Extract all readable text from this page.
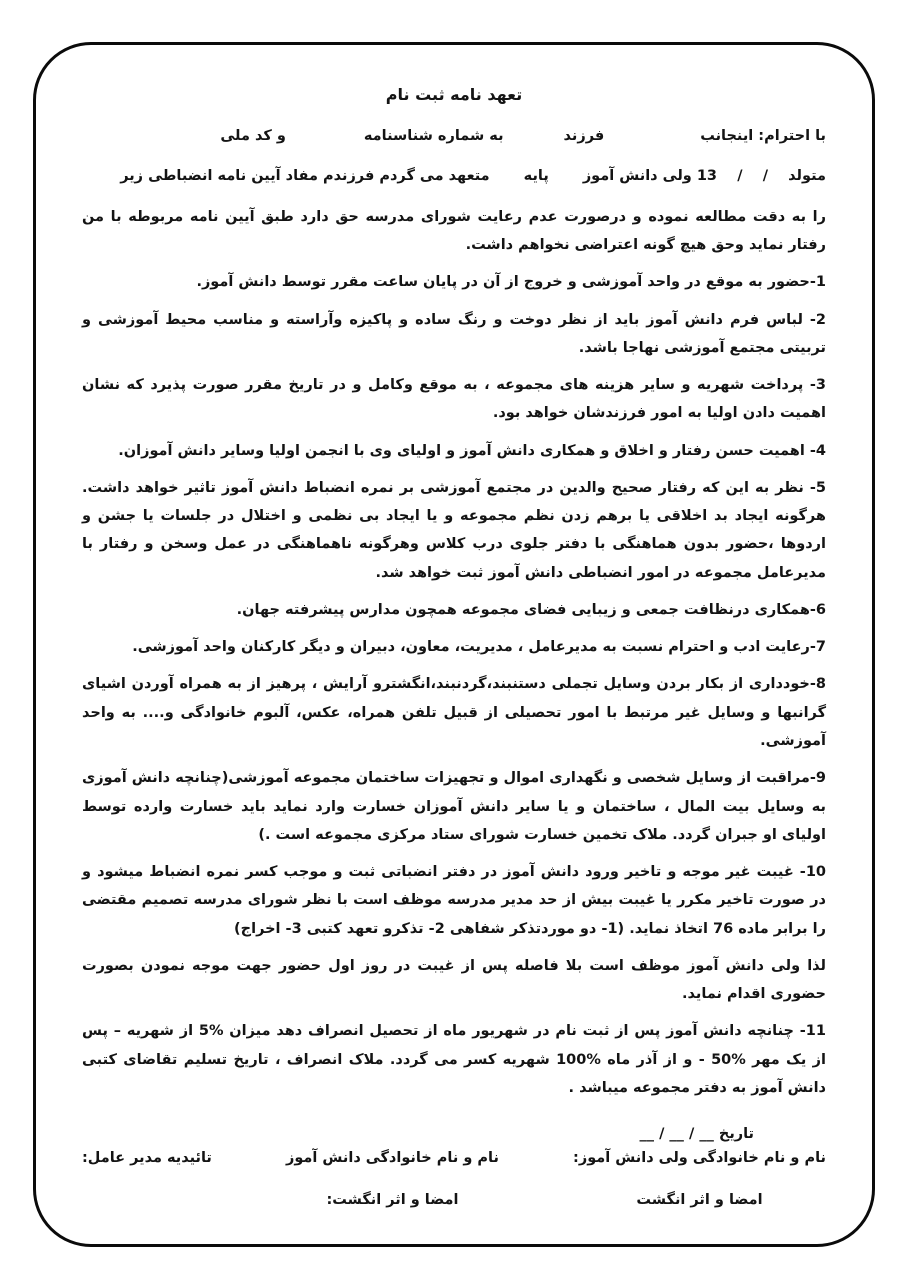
تعهد نامه ثبت نام
با احترام: اینجانب
فرزند
به شماره شناسنامه
و کد ملی
متولد    /    /    13 ولی دانش آموز
پایه
متعهد می گردم فرزندم مفاد آیین نامه انضباطی زیر

را به دقت مطالعه نموده و درصورت عدم رعایت شورای مدرسه حق دارد طبق آیین نامه مربوطه با من رفتار نماید وحق هیچ گونه اعتراضی نخواهم داشت.

1-حضور به موقع در واحد آموزشی و خروج از آن در پایان ساعت مقرر توسط دانش آموز.

2- لباس فرم دانش آموز باید از نظر دوخت و رنگ ساده و پاکیزه وآراسته و مناسب محیط آموزشی و تربیتی مجتمع آموزشی نهاجا باشد.

3- پرداخت شهریه و سایر هزینه های مجموعه ، به موقع وکامل و در تاریخ مقرر صورت پذیرد که نشان اهمیت دادن اولیا به امور فرزندشان خواهد بود.

4- اهمیت حسن رفتار و اخلاق و همکاری دانش آموز و اولیای وی با انجمن اولیا وسایر دانش آموزان.

5- نظر به این که رفتار صحیح والدین در مجتمع آموزشی بر نمره انضباط دانش آموز تاثیر خواهد داشت. هرگونه ایجاد بد اخلاقی یا برهم زدن نظم مجموعه و یا ایجاد بی نظمی و اختلال در جلسات یا جشن و اردوها ،حضور بدون هماهنگی با دفتر جلوی درب کلاس وهرگونه ناهماهنگی در عمل وسخن و رفتار با مدیرعامل مجموعه در امور انضباطی دانش آموز ثبت خواهد شد.

6-همکاری درنظافت جمعی و زیبایی فضای مجموعه همچون مدارس پیشرفته جهان.

7-رعایت ادب و احترام نسبت به مدیرعامل ، مدیریت، معاون، دبیران و دیگر کارکنان واحد آموزشی.

8-خودداری از بکار بردن وسایل تجملی دستنبند،گردنبند،انگشترو آرایش ، پرهیز از به همراه آوردن اشیای گرانبها و وسایل غیر مرتبط با امور تحصیلی از قبیل تلفن همراه، عکس، آلبوم خانوادگی و.... به واحد آموزشی.

9-مراقبت از وسایل شخصی و نگهداری اموال و تجهیزات ساختمان مجموعه آموزشی(چنانچه دانش آموزی به وسایل بیت المال ، ساختمان و یا سایر دانش آموزان خسارت وارد نماید باید خسارت وارده توسط اولیای او جبران گردد. ملاک تخمین خسارت شورای ستاد مرکزی مجموعه است .)

10- غیبت غیر موجه و تاخیر ورود دانش آموز در دفتر انضباتی ثبت و موجب کسر نمره انضباط میشود و در صورت تاخیر مکرر یا غیبت بیش از حد مدیر مدرسه موظف است با نظر شورای مدرسه تصمیم مقتضی را برابر ماده 76 اتخاذ نماید. (1- دو موردتذکر شفاهی 2- تذکرو تعهد کتبی 3- اخراج)

لذا ولی دانش آموز موظف است بلا فاصله پس از غیبت در روز اول حضور جهت موجه نمودن بصورت حضوری اقدام نماید.

11- چنانچه دانش آموز پس از ثبت نام در شهریور ماه از تحصیل انصراف دهد میزان %5 از شهریه – پس از یک مهر %50 - و از آذر ماه %100 شهریه کسر می گردد. ملاک انصراف ، تاریخ تسلیم تقاضای کتبی دانش آموز به دفتر مجموعه میباشد .

تاریخ __ / __ / __

نام و نام خانوادگی ولی دانش آموز:
امضا و اثر انگشت
نام و نام خانوادگی دانش آموز
امضا و اثر انگشت:
تائیدیه مدیر عامل:
